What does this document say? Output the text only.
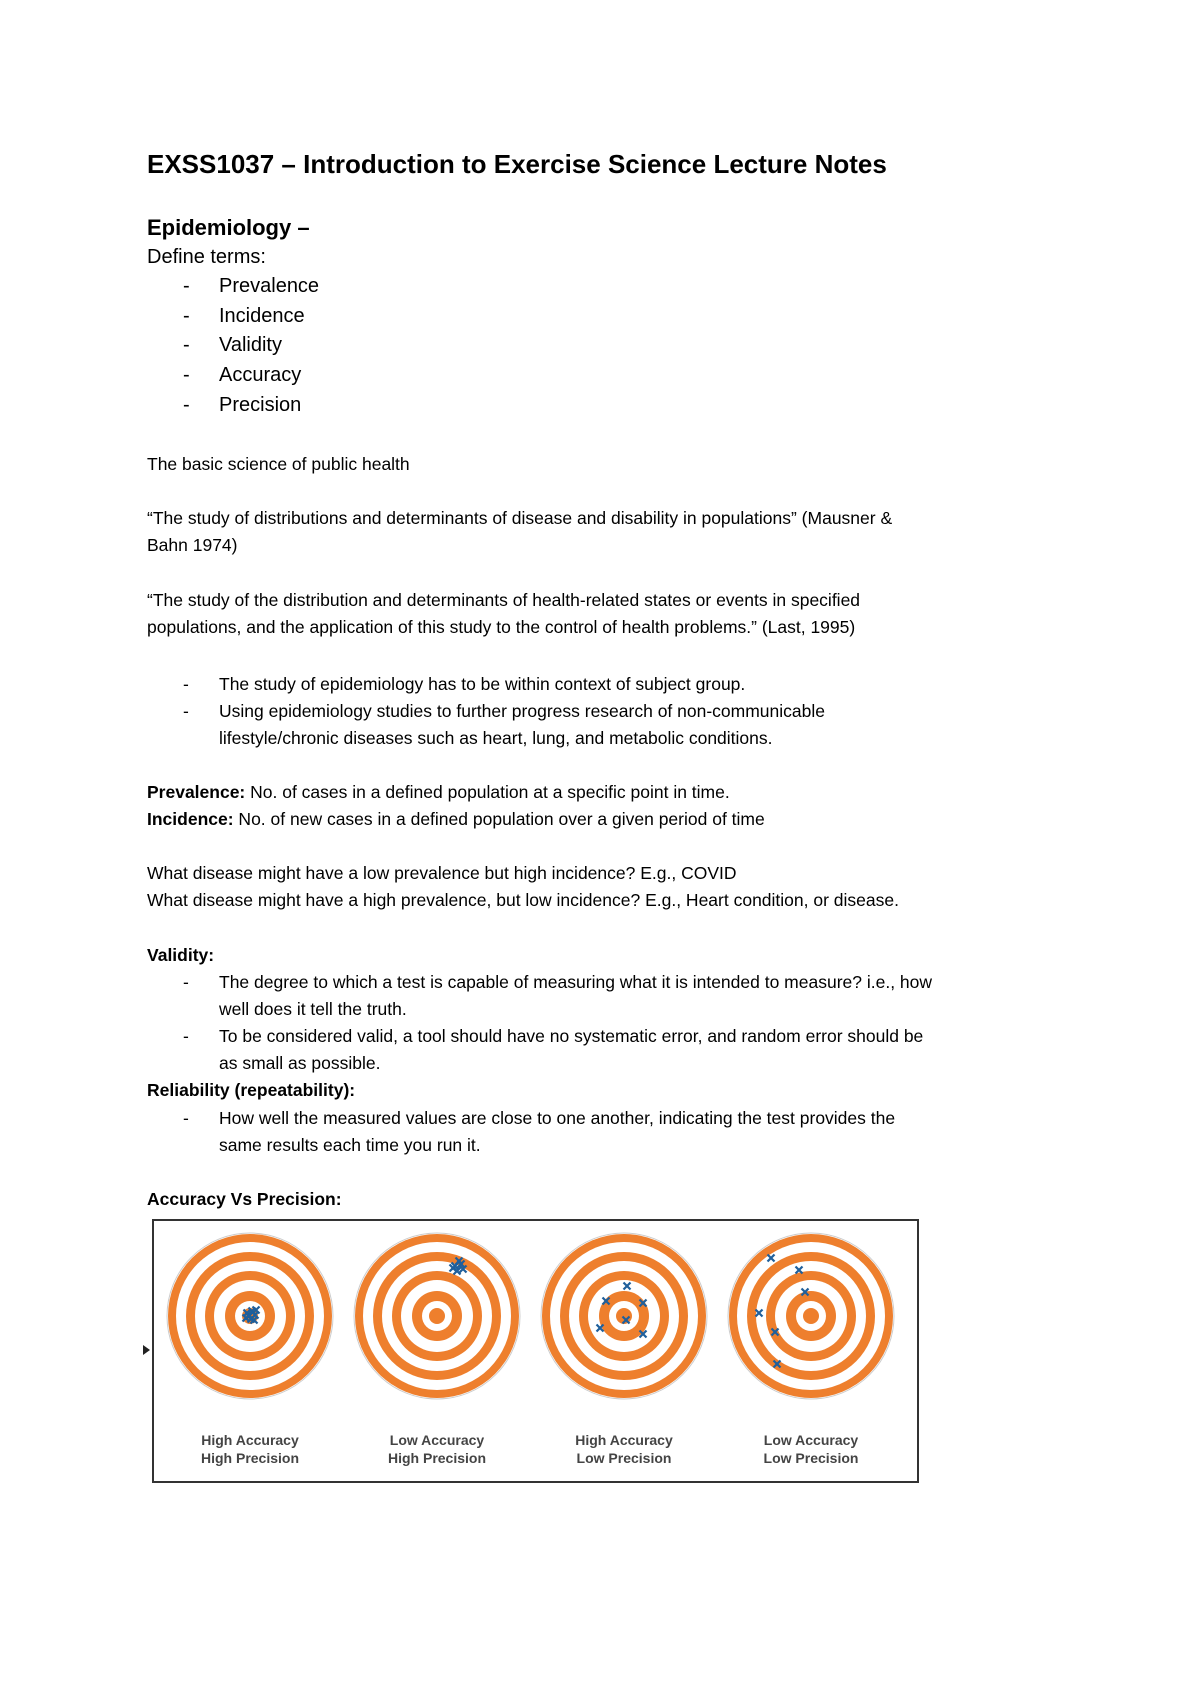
EXSS1037 – Introduction to Exercise Science Lecture Notes
Epidemiology –
Define terms:
- Prevalence
- Incidence
- Validity
- Accuracy
- Precision
The basic science of public health
“The study of distributions and determinants of disease and disability in populations” (Mausner &
Bahn 1974)
“The study of the distribution and determinants of health-related states or events in specified
populations, and the application of this study to the control of health problems.” (Last, 1995)
- The study of epidemiology has to be within context of subject group.
- Using epidemiology studies to further progress research of non-communicable
lifestyle/chronic diseases such as heart, lung, and metabolic conditions.
Prevalence: No. of cases in a defined population at a specific point in time.
Incidence: No. of new cases in a defined population over a given period of time
What disease might have a low prevalence but high incidence? E.g., COVID
What disease might have a high prevalence, but low incidence? E.g., Heart condition, or disease.
Validity:
- The degree to which a test is capable of measuring what it is intended to measure? i.e., how
well does it tell the truth.
- To be considered valid, a tool should have no systematic error, and random error should be
as small as possible.
Reliability (repeatability):
- How well the measured values are close to one another, indicating the test provides the
same results each time you run it.
Accuracy Vs Precision:
High Accuracy
High Precision
Low Accuracy
High Precision
High Accuracy
Low Precision
Low Accuracy
Low Precision
